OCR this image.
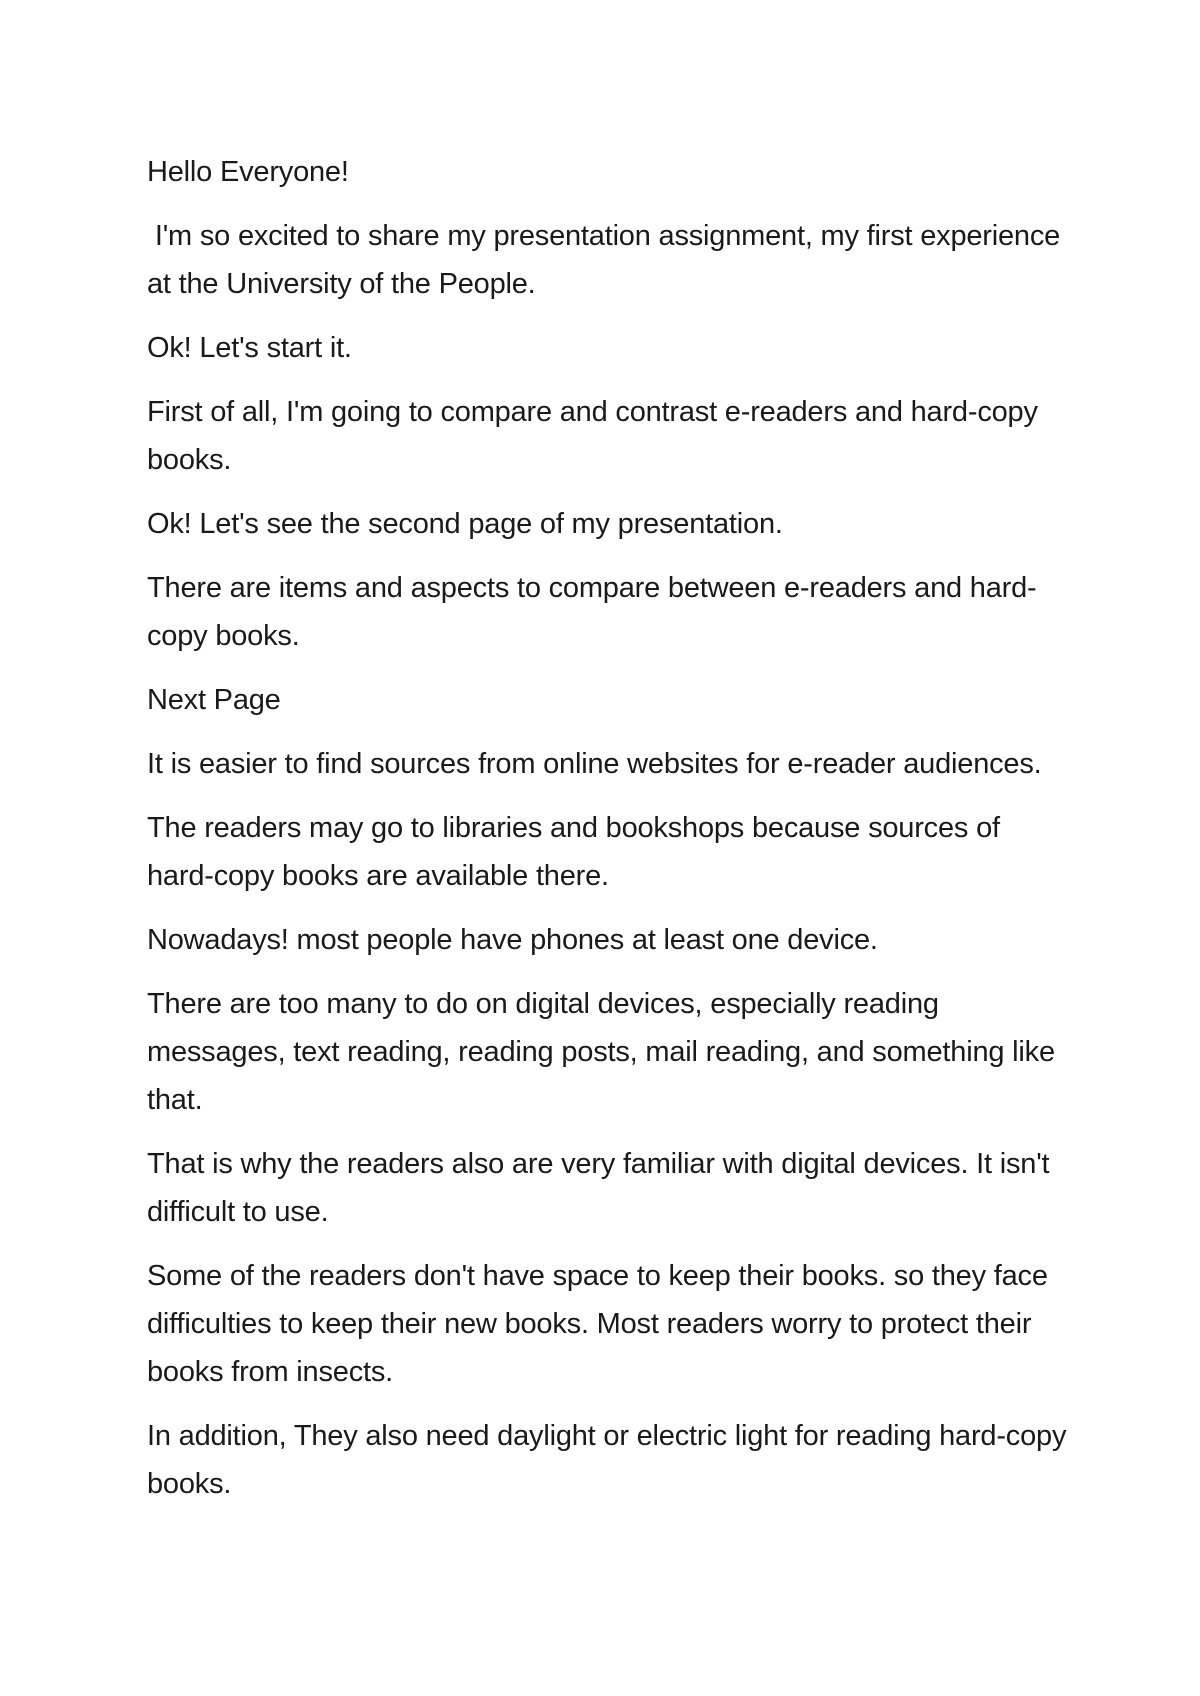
Hello Everyone!

I'm so excited to share my presentation assignment, my first experience at the University of the People.

Ok! Let's start it.

First of all, I'm going to compare and contrast e-readers and hard-copy books.

Ok! Let's see the second page of my presentation.

There are items and aspects to compare between e-readers and hard-copy books.

Next Page

It is easier to find sources from online websites for e-reader audiences.

The readers may go to libraries and bookshops because sources of hard-copy books are available there.

Nowadays! most people have phones at least one device.

There are too many to do on digital devices, especially reading messages, text reading, reading posts, mail reading, and something like that.

That is why the readers also are very familiar with digital devices. It isn't difficult to use.

Some of the readers don't have space to keep their books. so they face difficulties to keep their new books. Most readers worry to protect their books from insects.

In addition, They also need daylight or electric light for reading hard-copy books.
